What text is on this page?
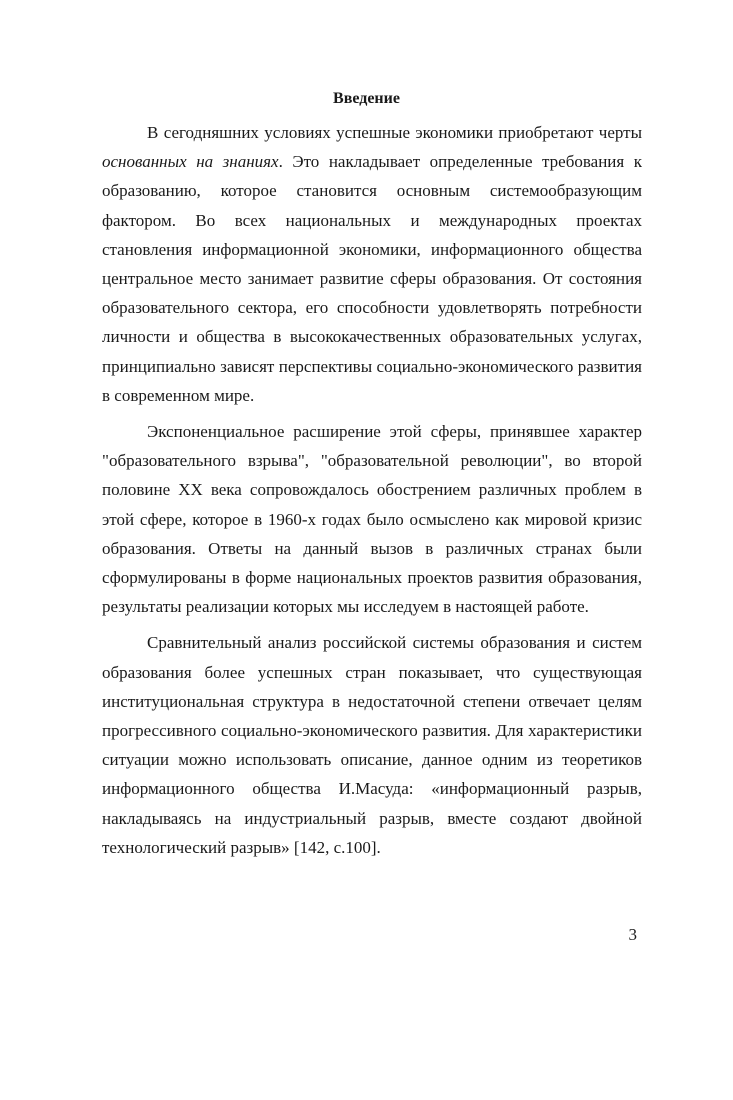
Введение

В сегодняшних условиях успешные экономики приобретают черты основанных на знаниях. Это накладывает определенные требования к образованию, которое становится основным системообразующим фактором. Во всех национальных и международных проектах становления информационной экономики, информационного общества центральное место занимает развитие сферы образования. От состояния образовательного сектора, его способности удовлетворять потребности личности и общества в высококачественных образовательных услугах, принципиально зависят перспективы социально-экономического развития в современном мире.

Экспоненциальное расширение этой сферы, принявшее характер "образовательного взрыва", "образовательной революции", во второй половине XX века сопровождалось обострением различных проблем в этой сфере, которое в 1960-х годах было осмыслено как мировой кризис образования. Ответы на данный вызов в различных странах были сформулированы в форме национальных проектов развития образования, результаты реализации которых мы исследуем в настоящей работе.

Сравнительный анализ российской системы образования и систем образования более успешных стран показывает, что существующая институциональная структура в недостаточной степени отвечает целям прогрессивного социально-экономического развития. Для характеристики ситуации можно использовать описание, данное одним из теоретиков информационного общества И.Масуда: «информационный разрыв, накладываясь на индустриальный разрыв, вместе создают двойной технологический разрыв» [142, с.100].

3
